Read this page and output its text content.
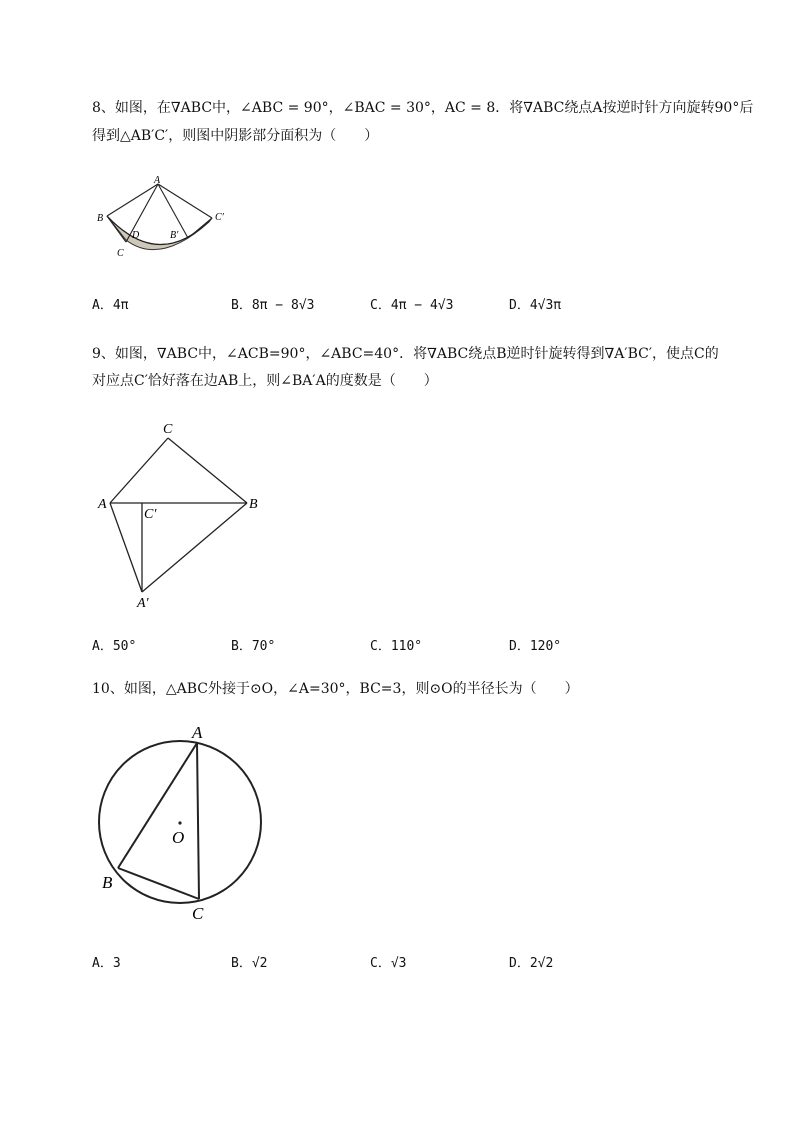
8、如图，在∇ABC中，∠ABC = 90°，∠BAC = 30°，AC = 8．将∇ABC绕点A按逆时针方向旋转90°后
得到△AB′C′，则图中阴影部分面积为（　　）
A
B
C
D	B′
C′
A．4π	B．8π − 8√3	C．4π − 4√3	D．4√3π
9、如图，∇ABC中，∠ACB=90°，∠ABC=40°．将∇ABC绕点B逆时针旋转得到∇A′BC′，使点C的
对应点C′恰好落在边AB上，则∠BA′A的度数是（　　）
C
A	B
C′
A′
A．50°	B．70°	C．110°	D．120°
10、如图，△ABC外接于⊙O，∠A=30°，BC=3，则⊙O的半径长为（　　）
A
B
C
O
A．3	B．√2	C．√3	D．2√2
